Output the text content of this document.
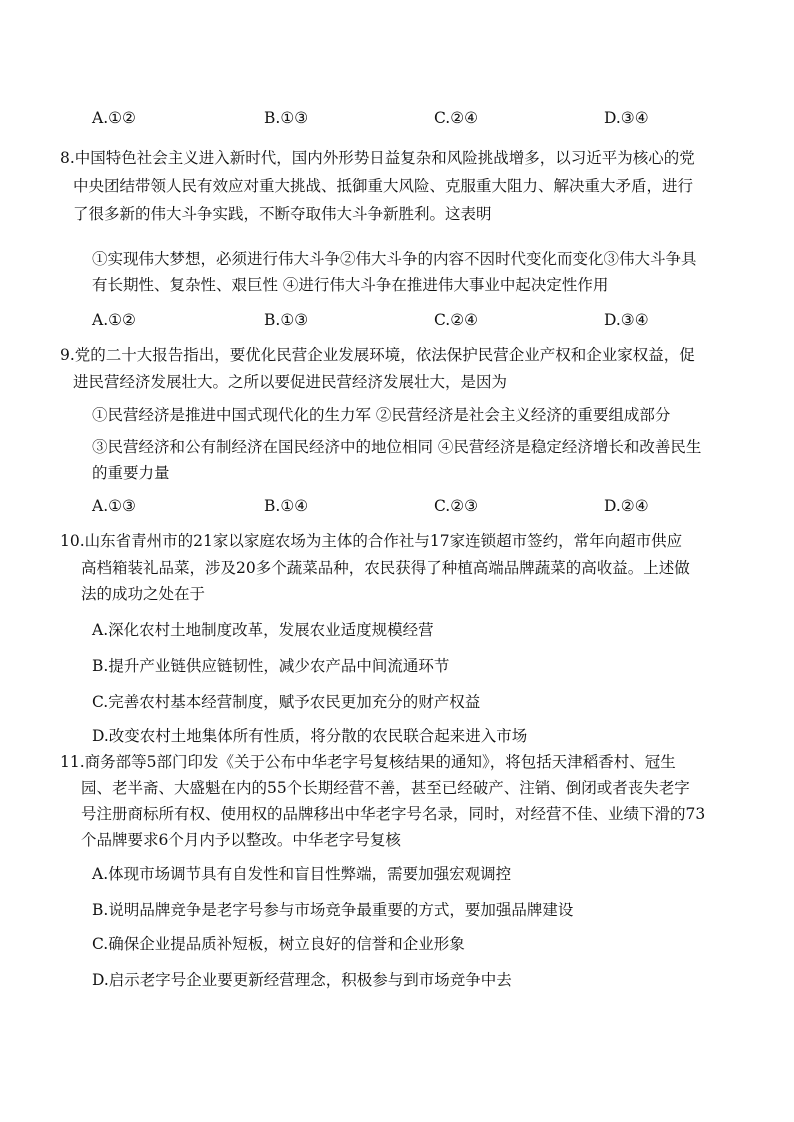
A.①②	B.①③	C.②④	D.③④
8.中国特色社会主义进入新时代，国内外形势日益复杂和风险挑战增多，以习近平为核心的党
中央团结带领人民有效应对重大挑战、抵御重大风险、克服重大阻力、解决重大矛盾，进行
了很多新的伟大斗争实践，不断夺取伟大斗争新胜利。这表明
①实现伟大梦想，必须进行伟大斗争②伟大斗争的内容不因时代变化而变化③伟大斗争具
有长期性、复杂性、艰巨性 ④进行伟大斗争在推进伟大事业中起决定性作用
A.①②	B.①③	C.②④	D.③④
9.党的二十大报告指出，要优化民营企业发展环境，依法保护民营企业产权和企业家权益，促
进民营经济发展壮大。之所以要促进民营经济发展壮大，是因为
①民营经济是推进中国式现代化的生力军 ②民营经济是社会主义经济的重要组成部分
③民营经济和公有制经济在国民经济中的地位相同 ④民营经济是稳定经济增长和改善民生
的重要力量
A.①③	B.①④	C.②③	D.②④
10.山东省青州市的21家以家庭农场为主体的合作社与17家连锁超市签约，常年向超市供应
高档箱装礼品菜，涉及20多个蔬菜品种，农民获得了种植高端品牌蔬菜的高收益。上述做
法的成功之处在于
A.深化农村土地制度改革，发展农业适度规模经营
B.提升产业链供应链韧性，减少农产品中间流通环节
C.完善农村基本经营制度，赋予农民更加充分的财产权益
D.改变农村土地集体所有性质，将分散的农民联合起来进入市场
11.商务部等5部门印发《关于公布中华老字号复核结果的通知》，将包括天津稻香村、冠生
园、老半斋、大盛魁在内的55个长期经营不善，甚至已经破产、注销、倒闭或者丧失老字
号注册商标所有权、使用权的品牌移出中华老字号名录，同时，对经营不佳、业绩下滑的73
个品牌要求6个月内予以整改。中华老字号复核
A.体现市场调节具有自发性和盲目性弊端，需要加强宏观调控
B.说明品牌竞争是老字号参与市场竞争最重要的方式，要加强品牌建设
C.确保企业提品质补短板，树立良好的信誉和企业形象
D.启示老字号企业要更新经营理念，积极参与到市场竞争中去
